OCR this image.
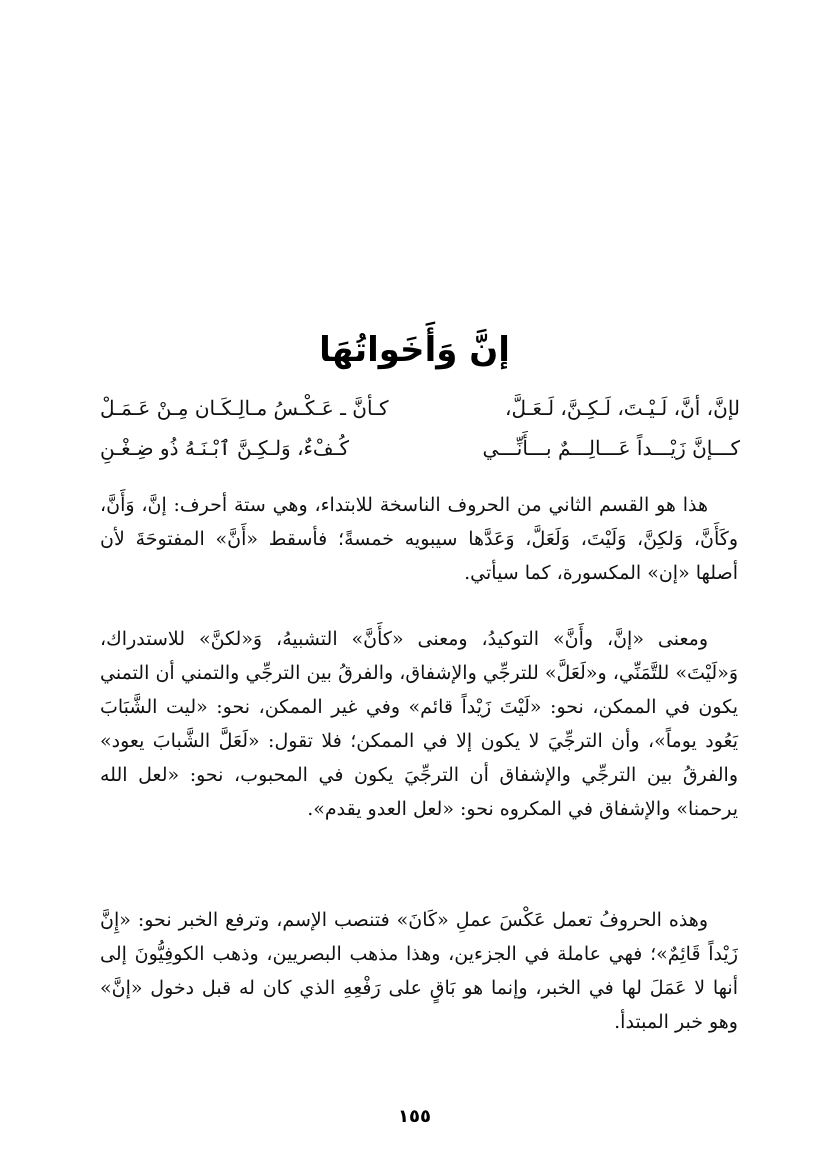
إنَّ وَأَخَواتُهَا
لإنَّ، أنَّ، لَـيْـتَ، لَـكِـنَّ، لَـعَـلَّ،
كـأنَّ ـ عَـكْـسُ مـالِـكَـان مِـنْ عَـمَـلْ
كـــإنَّ زَيْـــداً عَـــالِـــمٌ بـــأَنِّـــي
كُـفْءٌ، وَلـكِـنَّ ٱبْـنَـهُ ذُو ضِـغْـنِ

هذا هو القسم الثاني من الحروف الناسخة للابتداء، وهي ستة أحرف: إنَّ، وَأَنَّ، وكَأَنَّ، وَلكِنَّ، وَلَيْتَ، وَلَعَلَّ، وَعَدَّها سيبويه خمسةً؛ فأسقط «أَنَّ» المفتوحَةَ لأن أصلها «إن» المكسورة، كما سيأتي.

ومعنى «إنَّ، وأَنَّ» التوكيدُ، ومعنى «كأَنَّ» التشبيهُ، وَ«لكنَّ» للاستدراك، وَ«لَيْتَ» للتَّمَنِّي، و«لَعَلَّ» للترجِّي والإشفاق، والفرقُ بين الترجِّي والتمني أن التمني يكون في الممكن، نحو: «لَيْتَ زَيْداً قائم» وفي غير الممكن، نحو: «ليت الشَّبَابَ يَعُود يوماً»، وأن الترجِّيَ لا يكون إلا في الممكن؛ فلا تقول: «لَعَلَّ الشَّبابَ يعود» والفرقُ بين الترجِّي والإشفاق أن الترجِّيَ يكون في المحبوب، نحو: «لعل الله يرحمنا» والإشفاق في المكروه نحو: «لعل العدو يقدم».

وهذه الحروفُ تعمل عَكْسَ عملِ «كَانَ» فتنصب الإسم، وترفع الخبر نحو: «إِنَّ زَيْداً قَائِمٌ»؛ فهي عاملة في الجزءين، وهذا مذهب البصريين، وذهب الكوفِيُّونَ إلى أنها لا عَمَلَ لها في الخبر، وإنما هو بَاقٍ على رَفْعِهِ الذي كان له قبل دخول «إنَّ» وهو خبر المبتدأ.

١٥٥
